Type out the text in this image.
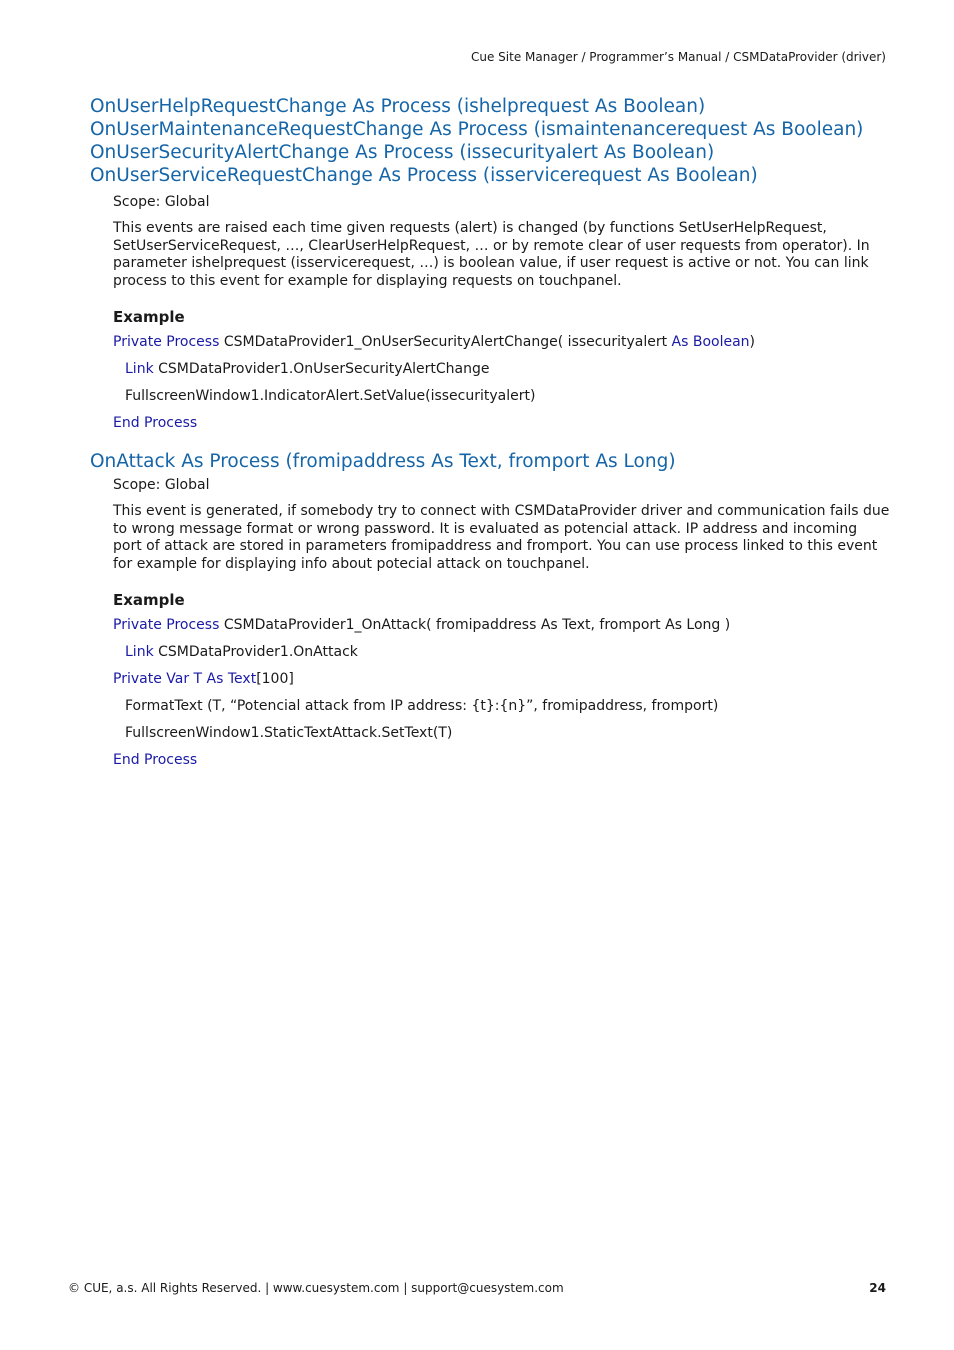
Cue Site Manager / Programmer’s Manual / CSMDataProvider (driver)
OnUserHelpRequestChange As Process (ishelprequest As Boolean)
OnUserMaintenanceRequestChange As Process (ismaintenancerequest As Boolean)
OnUserSecurityAlertChange As Process (issecurityalert As Boolean)
OnUserServiceRequestChange As Process (isservicerequest As Boolean)

Scope: Global

This events are raised each time given requests (alert) is changed (by functions SetUserHelpRequest, SetUserServiceRequest, …, ClearUserHelpRequest, … or by remote clear of user requests from operator). In parameter ishelprequest (isservicerequest, …) is boolean value, if user request is active or not. You can link process to this event for example for displaying requests on touchpanel.

Example

Private Process CSMDataProvider1_OnUserSecurityAlertChange( issecurityalert As Boolean)
Link CSMDataProvider1.OnUserSecurityAlertChange
FullscreenWindow1.IndicatorAlert.SetValue(issecurityalert)
End Process
OnAttack As Process (fromipaddress As Text, fromport As Long)

Scope: Global

This event is generated, if somebody try to connect with CSMDataProvider driver and communication fails due to wrong message format or wrong password. It is evaluated as potencial attack. IP address and incoming port of attack are stored in parameters fromipaddress and fromport. You can use process linked to this event for example for displaying info about potecial attack on touchpanel.

Example

Private Process CSMDataProvider1_OnAttack( fromipaddress As Text, fromport As Long )
Link CSMDataProvider1.OnAttack
Private Var T As Text[100]
FormatText (T, “Potencial attack from IP address: {t}:{n}”, fromipaddress, fromport)
FullscreenWindow1.StaticTextAttack.SetText(T)
End Process
© CUE, a.s. All Rights Reserved. | www.cuesystem.com | support@cuesystem.com	24
